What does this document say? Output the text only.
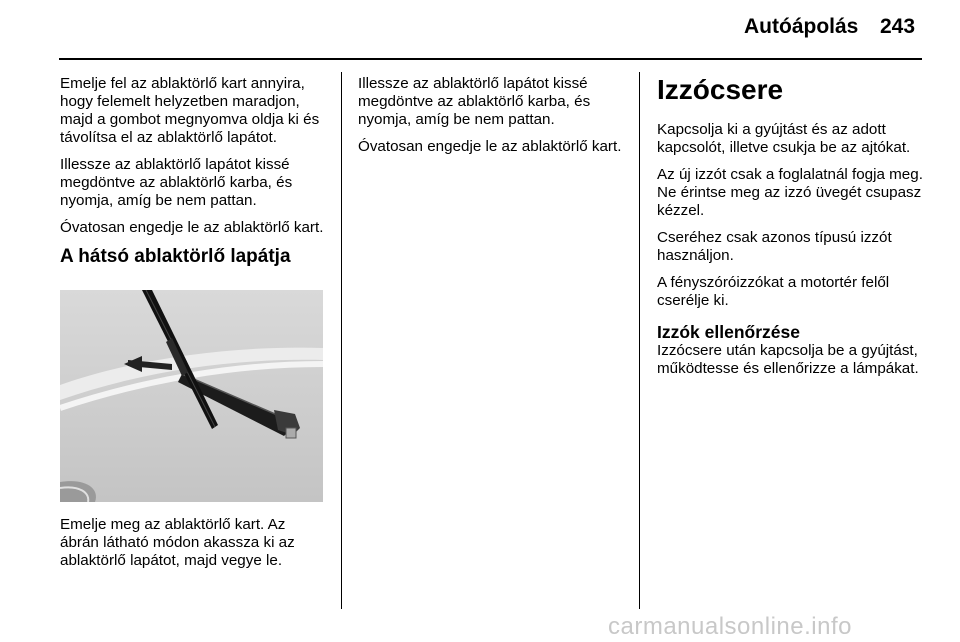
Autóápolás 243

Emelje fel az ablaktörlő kart annyira, hogy felemelt helyzetben maradjon, majd a gombot megnyomva oldja ki és távolítsa el az ablaktörlő lapátot.

Illessze az ablaktörlő lapátot kissé megdöntve az ablaktörlő karba, és nyomja, amíg be nem pattan.

Óvatosan engedje le az ablaktörlő kart.

A hátsó ablaktörlő lapátja
Emelje meg az ablaktörlő kart. Az ábrán látható módon akassza ki az ablaktörlő lapátot, majd vegye le.

Illessze az ablaktörlő lapátot kissé megdöntve az ablaktörlő karba, és nyomja, amíg be nem pattan.

Óvatosan engedje le az ablaktörlő kart.

Izzócsere

Kapcsolja ki a gyújtást és az adott kapcsolót, illetve csukja be az ajtókat.

Az új izzót csak a foglalatnál fogja meg. Ne érintse meg az izzó üvegét csupasz kézzel.

Cseréhez csak azonos típusú izzót használjon.

A fényszóróizzókat a motortér felől cserélje ki.

Izzók ellenőrzése

Izzócsere után kapcsolja be a gyújtást, működtesse és ellenőrizze a lámpákat.

carmanualsonline.info
